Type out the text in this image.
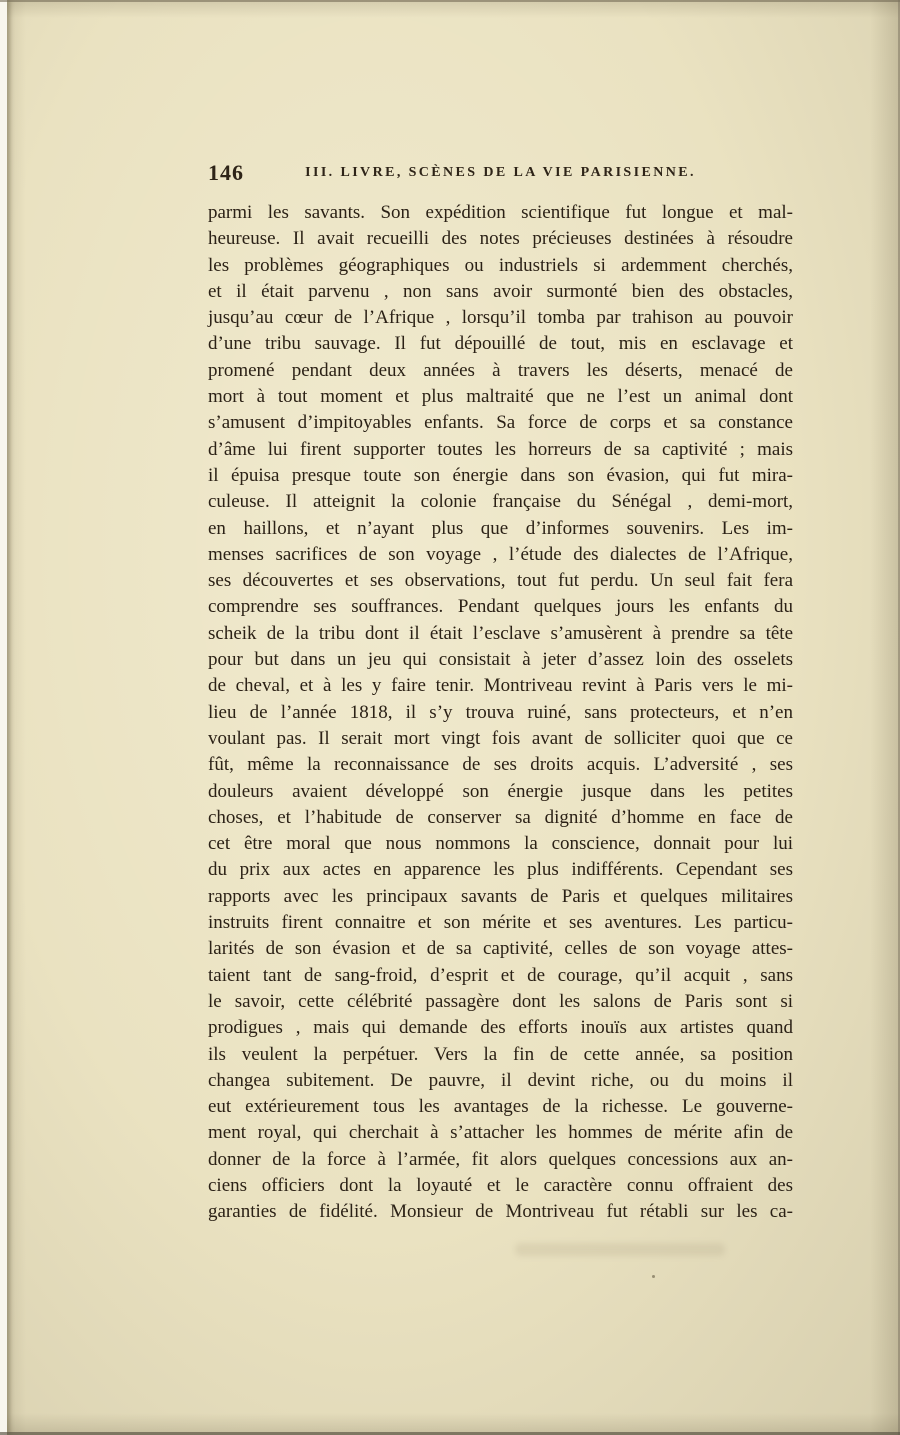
146	III. LIVRE, SCÈNES DE LA VIE PARISIENNE.
parmi les savants. Son expédition scientifique fut longue et mal-
heureuse. Il avait recueilli des notes précieuses destinées à résoudre
les problèmes géographiques ou industriels si ardemment cherchés,
et il était parvenu , non sans avoir surmonté bien des obstacles,
jusqu’au cœur de l’Afrique , lorsqu’il tomba par trahison au pouvoir
d’une tribu sauvage. Il fut dépouillé de tout, mis en esclavage et
promené pendant deux années à travers les déserts, menacé de
mort à tout moment et plus maltraité que ne l’est un animal dont
s’amusent d’impitoyables enfants. Sa force de corps et sa constance
d’âme lui firent supporter toutes les horreurs de sa captivité ; mais
il épuisa presque toute son énergie dans son évasion, qui fut mira-
culeuse. Il atteignit la colonie française du Sénégal , demi-mort,
en haillons, et n’ayant plus que d’informes souvenirs. Les im-
menses sacrifices de son voyage , l’étude des dialectes de l’Afrique,
ses découvertes et ses observations, tout fut perdu. Un seul fait fera
comprendre ses souffrances. Pendant quelques jours les enfants du
scheik de la tribu dont il était l’esclave s’amusèrent à prendre sa tête
pour but dans un jeu qui consistait à jeter d’assez loin des osselets
de cheval, et à les y faire tenir. Montriveau revint à Paris vers le mi-
lieu de l’année 1818, il s’y trouva ruiné, sans protecteurs, et n’en
voulant pas. Il serait mort vingt fois avant de solliciter quoi que ce
fût, même la reconnaissance de ses droits acquis. L’adversité , ses
douleurs avaient développé son énergie jusque dans les petites
choses, et l’habitude de conserver sa dignité d’homme en face de
cet être moral que nous nommons la conscience, donnait pour lui
du prix aux actes en apparence les plus indifférents. Cependant ses
rapports avec les principaux savants de Paris et quelques militaires
instruits firent connaitre et son mérite et ses aventures. Les particu-
larités de son évasion et de sa captivité, celles de son voyage attes-
taient tant de sang-froid, d’esprit et de courage, qu’il acquit , sans
le savoir, cette célébrité passagère dont les salons de Paris sont si
prodigues , mais qui demande des efforts inouïs aux artistes quand
ils veulent la perpétuer. Vers la fin de cette année, sa position
changea subitement. De pauvre, il devint riche, ou du moins il
eut extérieurement tous les avantages de la richesse. Le gouverne-
ment royal, qui cherchait à s’attacher les hommes de mérite afin de
donner de la force à l’armée, fit alors quelques concessions aux an-
ciens officiers dont la loyauté et le caractère connu offraient des
garanties de fidélité. Monsieur de Montriveau fut rétabli sur les ca-
